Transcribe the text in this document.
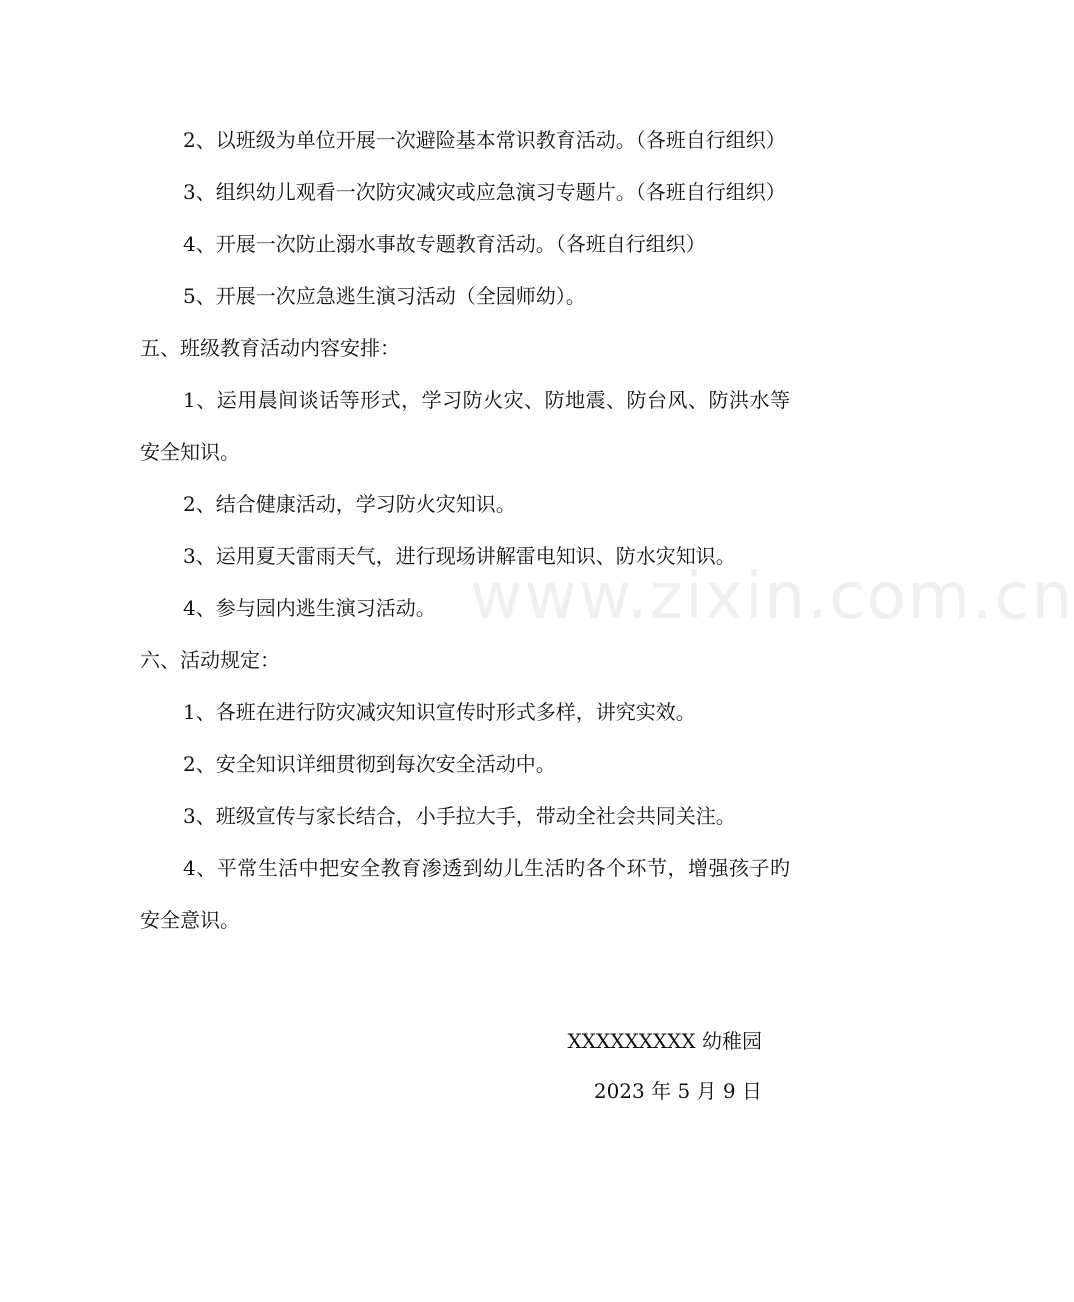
2、以班级为单位开展一次避险基本常识教育活动。（各班自行组织）

3、组织幼儿观看一次防灾减灾或应急演习专题片。（各班自行组织）

4、开展一次防止溺水事故专题教育活动。（各班自行组织）

5、开展一次应急逃生演习活动（全园师幼）。

五、班级教育活动内容安排：

1、运用晨间谈话等形式，学习防火灾、防地震、防台风、防洪水等安全知识。

2、结合健康活动，学习防火灾知识。

3、运用夏天雷雨天气，进行现场讲解雷电知识、防水灾知识。

4、参与园内逃生演习活动。

六、活动规定：

1、各班在进行防灾减灾知识宣传时形式多样，讲究实效。

2、安全知识详细贯彻到每次安全活动中。

3、班级宣传与家长结合，小手拉大手，带动全社会共同关注。

4、平常生活中把安全教育渗透到幼儿生活旳各个环节，增强孩子旳安全意识。

XXXXXXXXX 幼稚园
2023 年 5 月 9 日
www.zixin.com.cn
